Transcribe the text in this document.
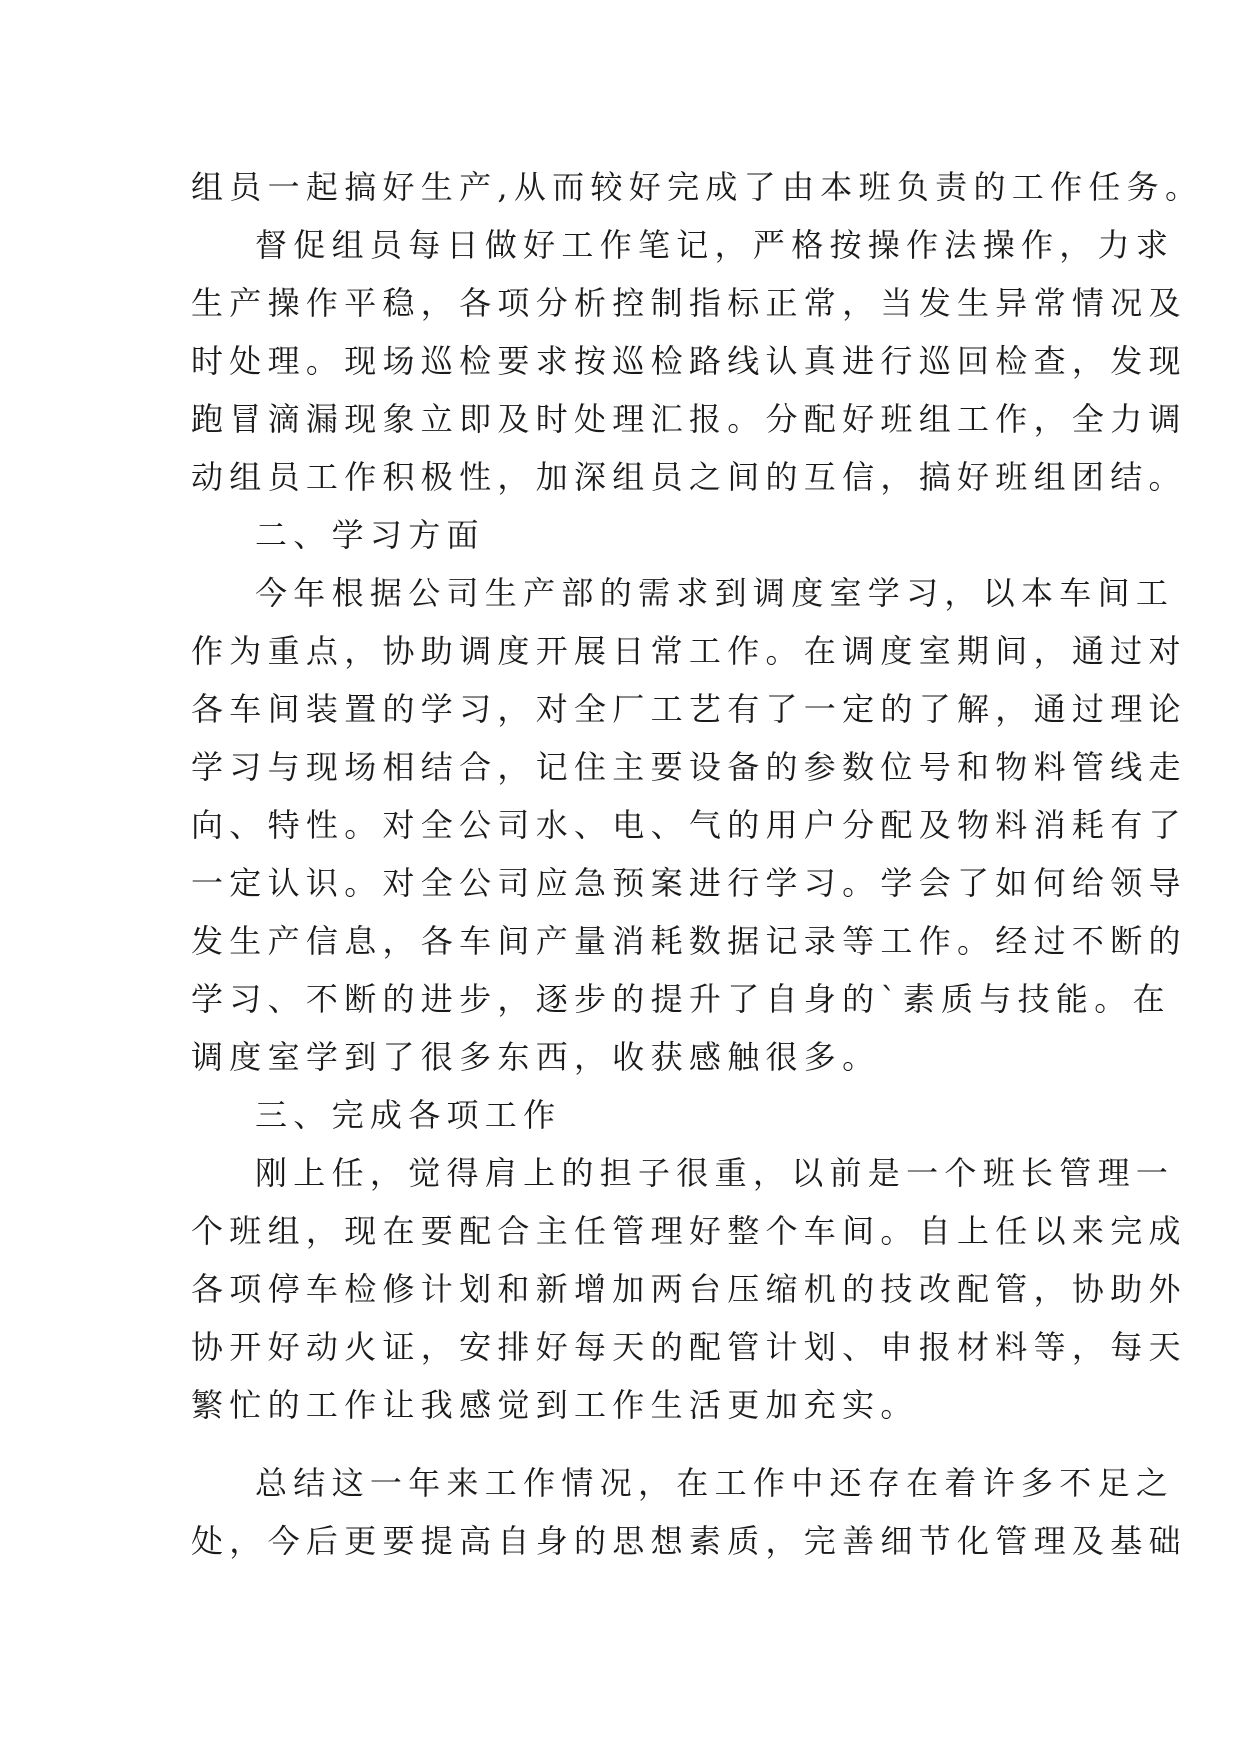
组员一起搞好生产,从而较好完成了由本班负责的工作任务。
督促组员每日做好工作笔记，严格按操作法操作，力求
生产操作平稳，各项分析控制指标正常，当发生异常情况及
时处理。现场巡检要求按巡检路线认真进行巡回检查，发现
跑冒滴漏现象立即及时处理汇报。分配好班组工作，全力调
动组员工作积极性，加深组员之间的互信，搞好班组团结。
二、学习方面
今年根据公司生产部的需求到调度室学习，以本车间工
作为重点，协助调度开展日常工作。在调度室期间，通过对
各车间装置的学习，对全厂工艺有了一定的了解，通过理论
学习与现场相结合，记住主要设备的参数位号和物料管线走
向、特性。对全公司水、电、气的用户分配及物料消耗有了
一定认识。对全公司应急预案进行学习。学会了如何给领导
发生产信息，各车间产量消耗数据记录等工作。经过不断的
学习、不断的进步，逐步的提升了自身的`素质与技能。在
调度室学到了很多东西，收获感触很多。
三、完成各项工作
刚上任，觉得肩上的担子很重，以前是一个班长管理一
个班组，现在要配合主任管理好整个车间。自上任以来完成
各项停车检修计划和新增加两台压缩机的技改配管，协助外
协开好动火证，安排好每天的配管计划、申报材料等，每天
繁忙的工作让我感觉到工作生活更加充实。
总结这一年来工作情况，在工作中还存在着许多不足之
处，今后更要提高自身的思想素质，完善细节化管理及基础
